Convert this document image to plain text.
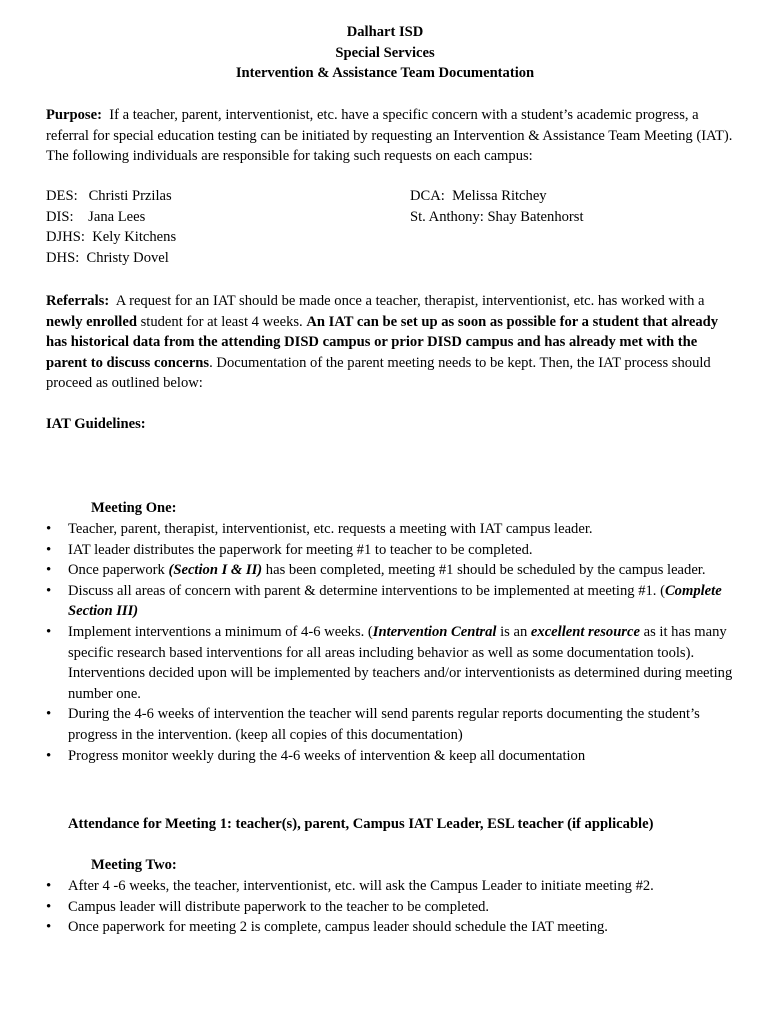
Dalhart ISD
Special Services
Intervention & Assistance Team Documentation
Purpose: If a teacher, parent, interventionist, etc. have a specific concern with a student’s academic progress, a referral for special education testing can be initiated by requesting an Intervention & Assistance Team Meeting (IAT). The following individuals are responsible for taking such requests on each campus:
DES:   Christi Przilas
DIS:    Jana Lees
DJHS:  Kely Kitchens
DHS:  Christy Dovel
DCA:  Melissa Ritchey
St. Anthony: Shay Batenhorst
Referrals: A request for an IAT should be made once a teacher, therapist, interventionist, etc. has worked with a newly enrolled student for at least 4 weeks. An IAT can be set up as soon as possible for a student that already has historical data from the attending DISD campus or prior DISD campus and has already met with the parent to discuss concerns. Documentation of the parent meeting needs to be kept. Then, the IAT process should proceed as outlined below:
IAT Guidelines:
Meeting One:
• Teacher, parent, therapist, interventionist, etc. requests a meeting with IAT campus leader.
• IAT leader distributes the paperwork for meeting #1 to teacher to be completed.
• Once paperwork (Section I & II) has been completed, meeting #1 should be scheduled by the campus leader.
• Discuss all areas of concern with parent & determine interventions to be implemented at meeting #1. (Complete Section III)
• Implement interventions a minimum of 4-6 weeks. (Intervention Central is an excellent resource as it has many specific research based interventions for all areas including behavior as well as some documentation tools). Interventions decided upon will be implemented by teachers and/or interventionists as determined during meeting number one.
• During the 4-6 weeks of intervention the teacher will send parents regular reports documenting the student’s progress in the intervention. (keep all copies of this documentation)
• Progress monitor weekly during the 4-6 weeks of intervention & keep all documentation
Attendance for Meeting 1: teacher(s), parent, Campus IAT Leader, ESL teacher (if applicable)
Meeting Two:
• After 4 -6 weeks, the teacher, interventionist, etc. will ask the Campus Leader to initiate meeting #2.
• Campus leader will distribute paperwork to the teacher to be completed.
• Once paperwork for meeting 2 is complete, campus leader should schedule the IAT meeting.
